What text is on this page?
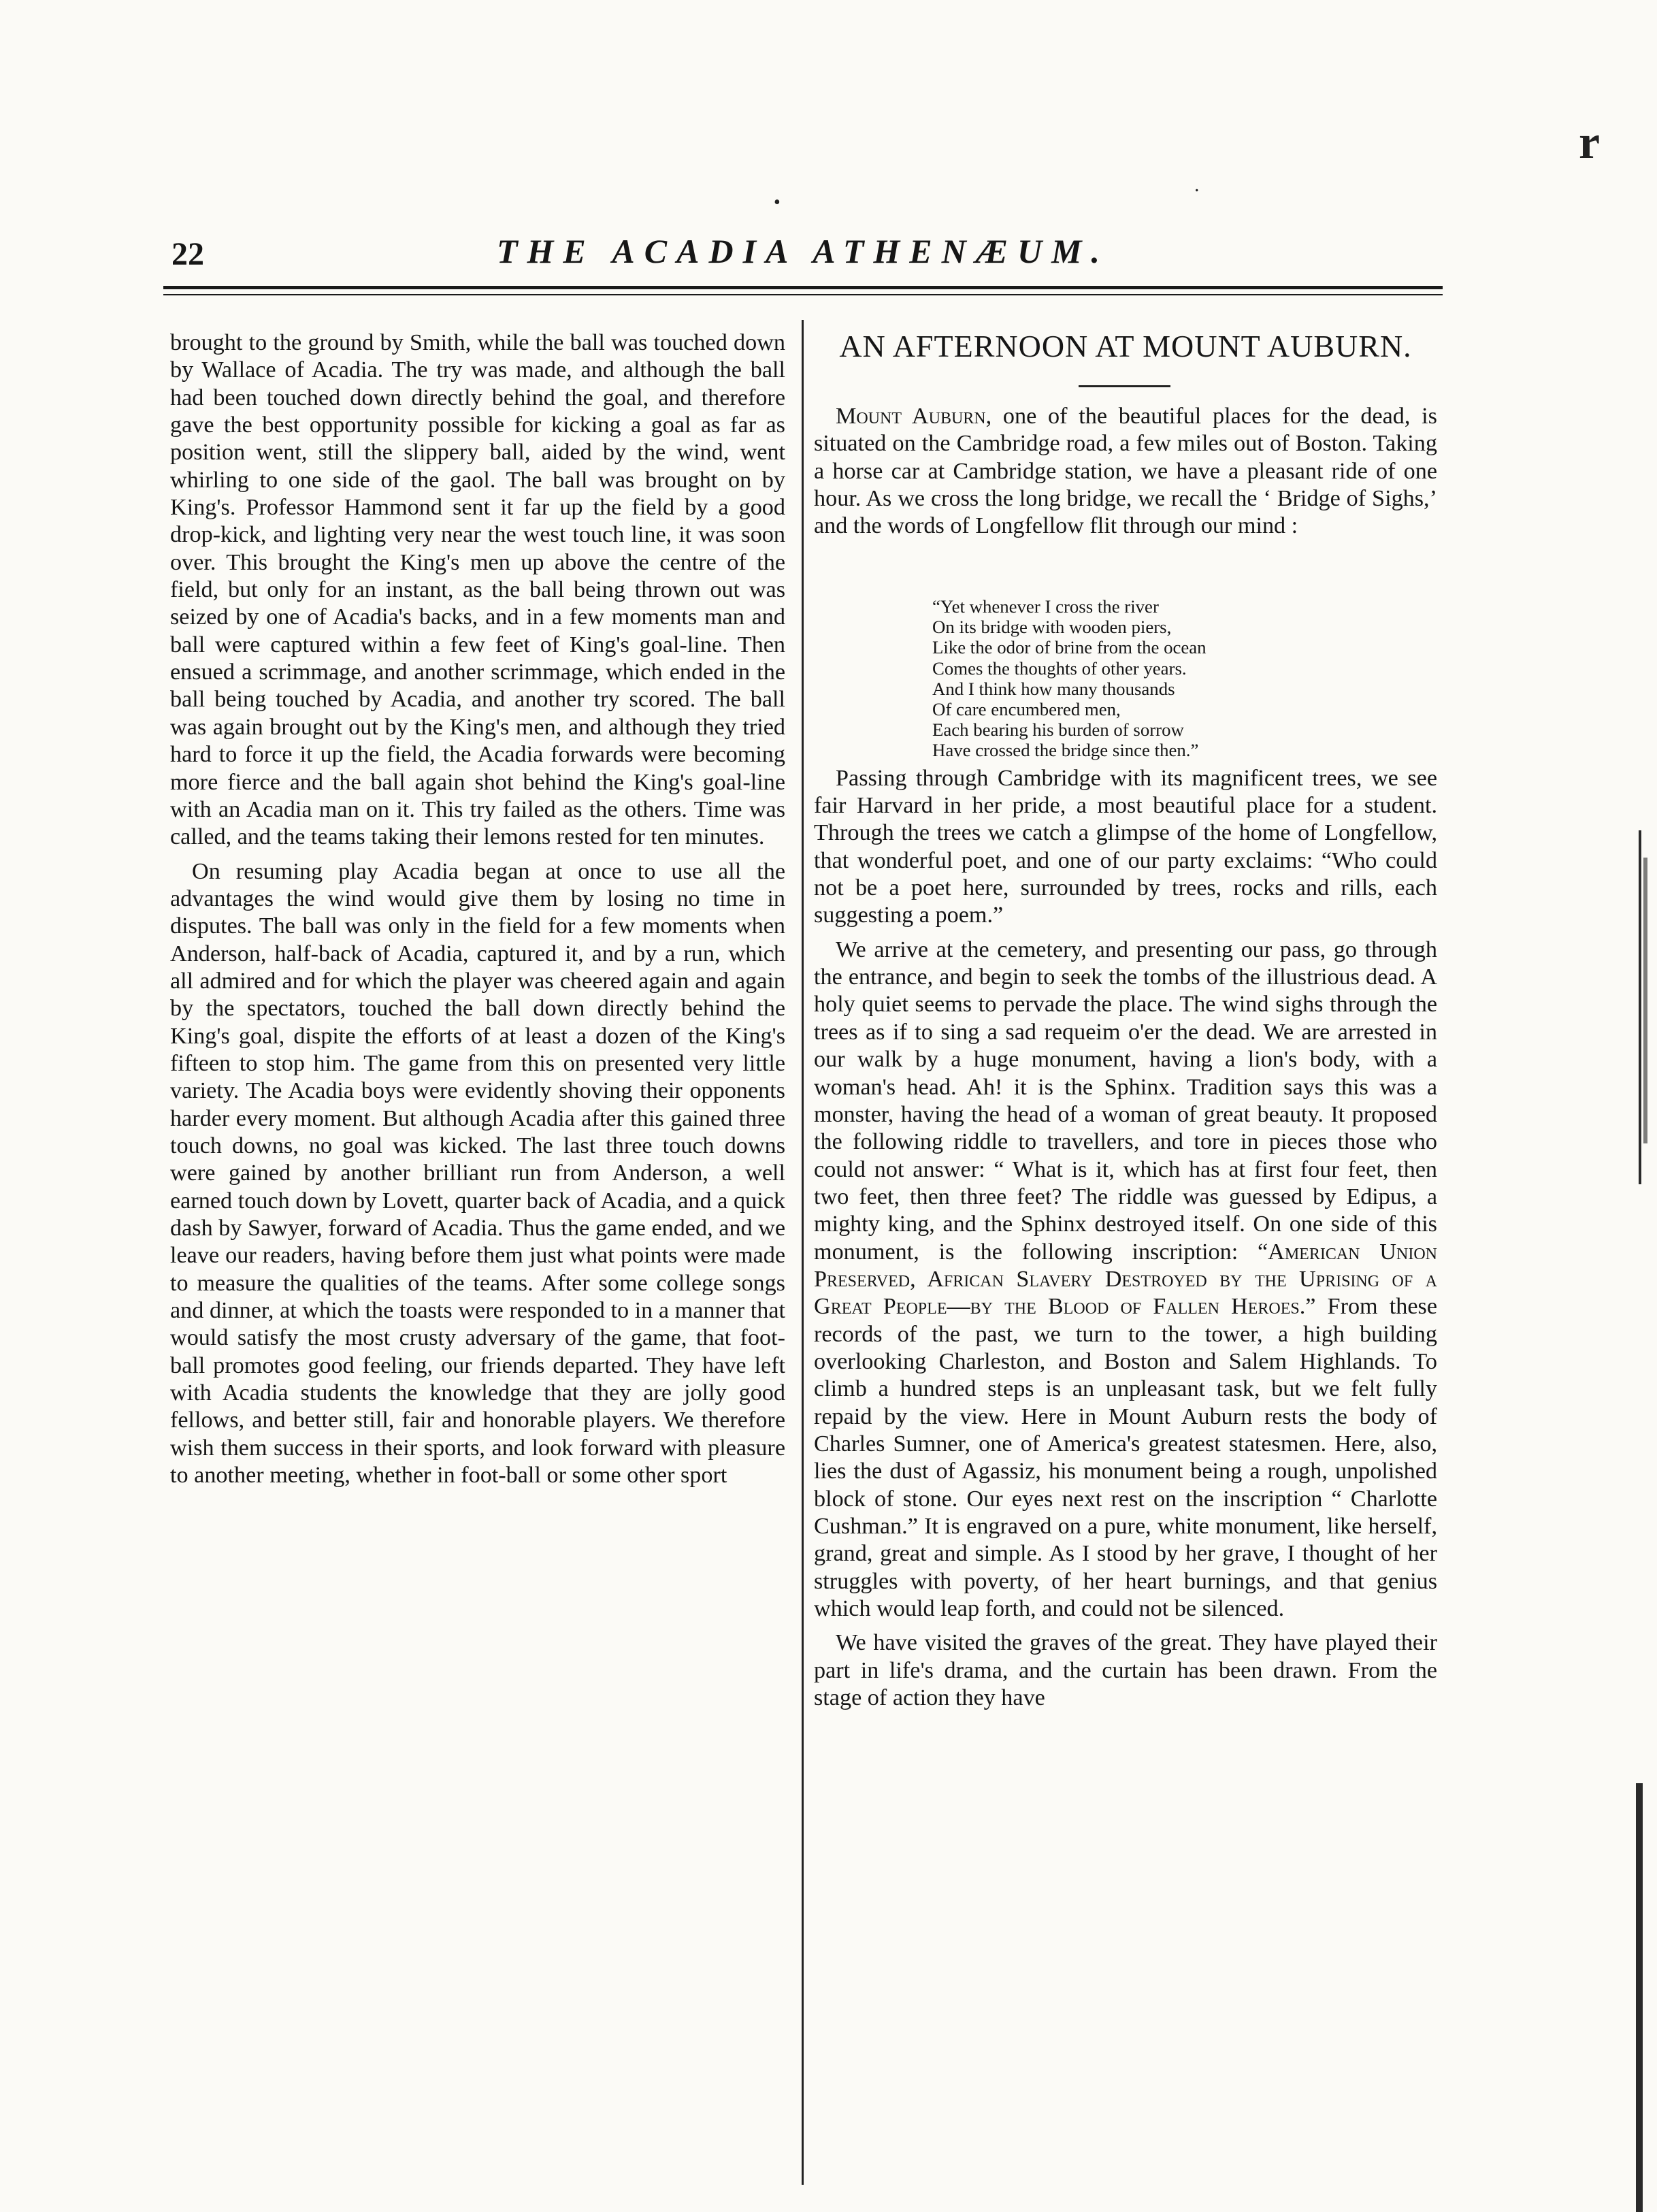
r
.
•
22	THE ACADIA ATHENÆUM.

brought to the ground by Smith, while the ball was touched down by Wallace of Acadia. The try was made, and although the ball had been touched down directly behind the goal, and therefore gave the best opportunity possible for kicking a goal as far as position went, still the slippery ball, aided by the wind, went whirling to one side of the gaol. The ball was brought on by King's. Professor Hammond sent it far up the field by a good drop-kick, and lighting very near the west touch line, it was soon over. This brought the King's men up above the centre of the field, but only for an instant, as the ball being thrown out was seized by one of Acadia's backs, and in a few moments man and ball were captured within a few feet of King's goal-line. Then ensued a scrimmage, and another scrimmage, which ended in the ball being touched by Acadia, and another try scored. The ball was again brought out by the King's men, and although they tried hard to force it up the field, the Acadia forwards were becoming more fierce and the ball again shot behind the King's goal-line with an Acadia man on it. This try failed as the others. Time was called, and the teams taking their lemons rested for ten minutes.

On resuming play Acadia began at once to use all the advantages the wind would give them by losing no time in disputes. The ball was only in the field for a few moments when Anderson, half-back of Acadia, captured it, and by a run, which all admired and for which the player was cheered again and again by the spectators, touched the ball down directly behind the King's goal, dispite the efforts of at least a dozen of the King's fifteen to stop him. The game from this on presented very little variety. The Acadia boys were evidently shoving their opponents harder every moment. But although Acadia after this gained three touch downs, no goal was kicked. The last three touch downs were gained by another brilliant run from Anderson, a well earned touch down by Lovett, quarter back of Acadia, and a quick dash by Sawyer, forward of Acadia. Thus the game ended, and we leave our readers, having before them just what points were made to measure the qualities of the teams. After some college songs and dinner, at which the toasts were responded to in a manner that would satisfy the most crusty adversary of the game, that foot-ball promotes good feeling, our friends departed. They have left with Acadia students the knowledge that they are jolly good fellows, and better still, fair and honorable players. We therefore wish them success in their sports, and look forward with pleasure to another meeting, whether in foot-ball or some other sport

AN AFTERNOON AT MOUNT AUBURN.

Mount Auburn, one of the beautiful places for the dead, is situated on the Cambridge road, a few miles out of Boston. Taking a horse car at Cambridge station, we have a pleasant ride of one hour. As we cross the long bridge, we recall the ‘ Bridge of Sighs,’ and the words of Longfellow flit through our mind :

Passing through Cambridge with its magnificent trees, we see fair Harvard in her pride, a most beautiful place for a student. Through the trees we catch a glimpse of the home of Longfellow, that wonderful poet, and one of our party exclaims: “Who could not be a poet here, surrounded by trees, rocks and rills, each suggesting a poem.”

We arrive at the cemetery, and presenting our pass, go through the entrance, and begin to seek the tombs of the illustrious dead. A holy quiet seems to pervade the place. The wind sighs through the trees as if to sing a sad requeim o'er the dead. We are arrested in our walk by a huge monument, having a lion's body, with a woman's head. Ah! it is the Sphinx. Tradition says this was a monster, having the head of a woman of great beauty. It proposed the following riddle to travellers, and tore in pieces those who could not answer: “ What is it, which has at first four feet, then two feet, then three feet? The riddle was guessed by Edipus, a mighty king, and the Sphinx destroyed itself. On one side of this monument, is the following inscription: “American Union Preserved, African Slavery Destroyed by the Uprising of a Great People—by the Blood of Fallen Heroes.” From these records of the past, we turn to the tower, a high building overlooking Charleston, and Boston and Salem Highlands. To climb a hundred steps is an unpleasant task, but we felt fully repaid by the view. Here in Mount Auburn rests the body of Charles Sumner, one of America's greatest statesmen. Here, also, lies the dust of Agassiz, his monument being a rough, unpolished block of stone. Our eyes next rest on the inscription “ Charlotte Cushman.” It is engraved on a pure, white monument, like herself, grand, great and simple. As I stood by her grave, I thought of her struggles with poverty, of her heart burnings, and that genius which would leap forth, and could not be silenced.

We have visited the graves of the great. They have played their part in life's drama, and the curtain has been drawn. From the stage of action they have

“Yet whenever I cross the river
On its bridge with wooden piers,
Like the odor of brine from the ocean
Comes the thoughts of other years.
And I think how many thousands
Of care encumbered men,
Each bearing his burden of sorrow
Have crossed the bridge since then.”
